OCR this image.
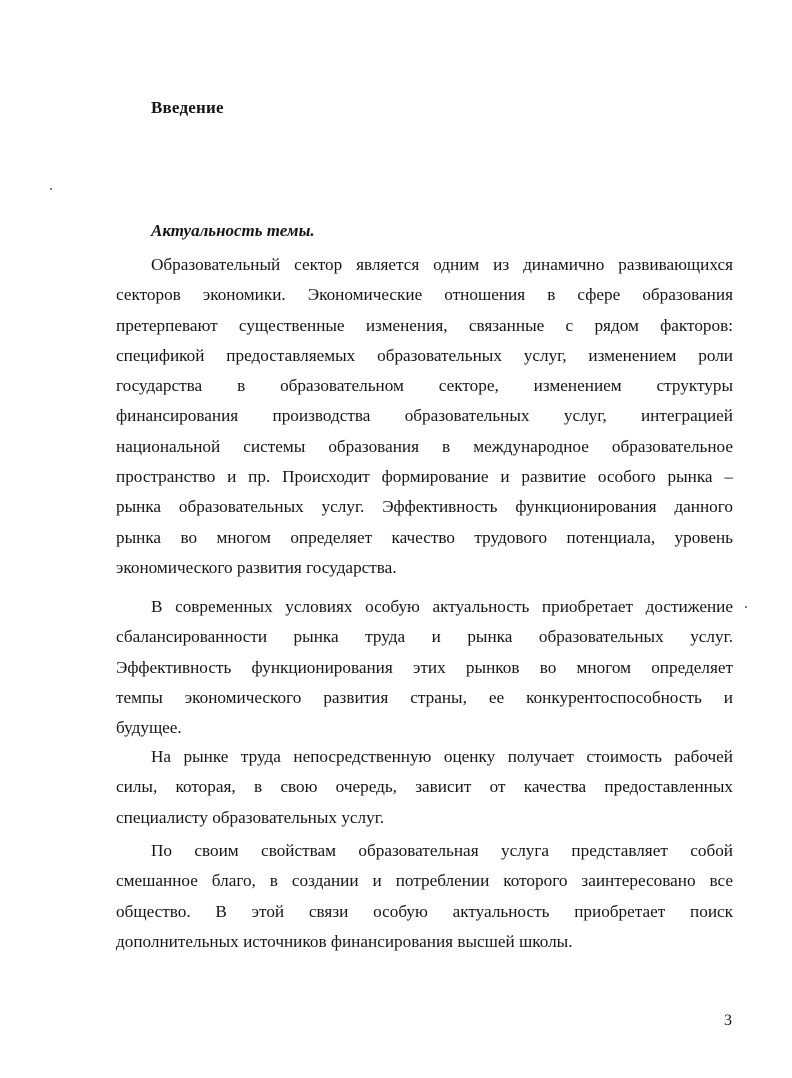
Введение
Актуальность темы.
Образовательный сектор является одним из динамично развивающихся
секторов экономики. Экономические отношения в сфере образования
претерпевают существенные изменения, связанные с рядом факторов:
спецификой предоставляемых образовательных услуг, изменением роли
государства в образовательном секторе, изменением структуры
финансирования производства образовательных услуг, интеграцией
национальной системы образования в международное образовательное
пространство и пр. Происходит формирование и развитие особого рынка –
рынка образовательных услуг. Эффективность функционирования данного
рынка во многом определяет качество трудового потенциала, уровень
экономического развития государства.
В современных условиях особую актуальность приобретает достижение
сбалансированности рынка труда и рынка образовательных услуг.
Эффективность функционирования этих рынков во многом определяет
темпы экономического развития страны, ее конкурентоспособность и
будущее.
На рынке труда непосредственную оценку получает стоимость рабочей
силы, которая, в свою очередь, зависит от качества предоставленных
специалисту образовательных услуг.
По своим свойствам образовательная услуга представляет собой
смешанное благо, в создании и потреблении которого заинтересовано все
общество. В этой связи особую актуальность приобретает поиск
дополнительных источников финансирования высшей школы.
3
